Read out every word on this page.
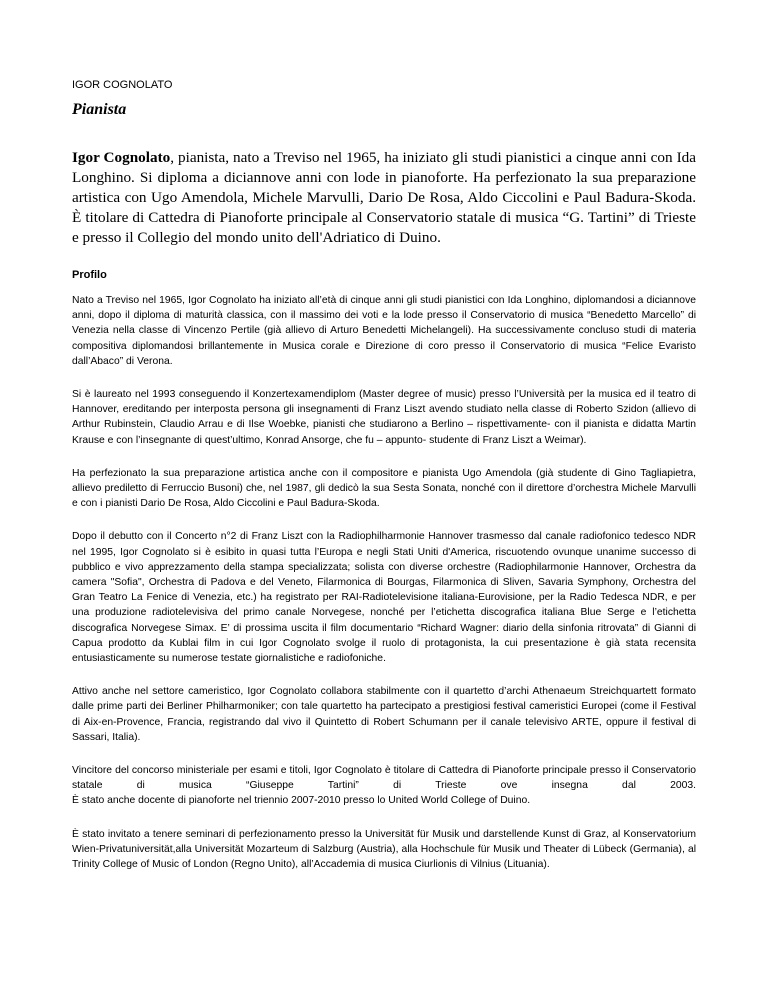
IGOR COGNOLATO

Pianista

Igor Cognolato, pianista, nato a Treviso nel 1965, ha iniziato gli studi pianistici a cinque anni con Ida Longhino. Si diploma a diciannove anni con lode in pianoforte. Ha perfezionato la sua preparazione artistica con Ugo Amendola, Michele Marvulli, Dario De Rosa, Aldo Ciccolini e Paul Badura-Skoda. È titolare di Cattedra di Pianoforte principale al Conservatorio statale di musica “G. Tartini” di Trieste e presso il Collegio del mondo unito dell'Adriatico di Duino.

Profilo

Nato a Treviso nel 1965, Igor Cognolato ha iniziato all’età di cinque anni gli studi pianistici con Ida Longhino, diplomandosi a diciannove anni, dopo il diploma di maturità classica, con il massimo dei voti e la lode presso il Conservatorio di musica “Benedetto Marcello” di Venezia nella classe di Vincenzo Pertile (già allievo di Arturo Benedetti Michelangeli). Ha successivamente concluso studi di materia compositiva diplomandosi brillantemente in Musica corale e Direzione di coro presso il Conservatorio di musica “Felice Evaristo dall’Abaco” di Verona.

Si è laureato nel 1993 conseguendo il Konzertexamendiplom (Master degree of music) presso l’Università per la musica ed il teatro di Hannover, ereditando per interposta persona gli insegnamenti di Franz Liszt avendo studiato nella classe di Roberto Szidon (allievo di Arthur Rubinstein, Claudio Arrau e di Ilse Woebke, pianisti che studiarono a Berlino – rispettivamente- con il pianista e didatta Martin Krause e con l’insegnante di quest’ultimo, Konrad Ansorge, che fu – appunto- studente di Franz Liszt a Weimar).

Ha perfezionato la sua preparazione artistica anche con il compositore e pianista Ugo Amendola (già studente di Gino Tagliapietra, allievo prediletto di Ferruccio Busoni) che, nel 1987, gli dedicò la sua Sesta Sonata, nonché con il direttore d’orchestra Michele Marvulli e con i pianisti Dario De Rosa, Aldo Ciccolini e Paul Badura-Skoda.

Dopo il debutto con il Concerto n°2 di Franz Liszt con la Radiophilharmonie Hannover trasmesso dal canale radiofonico tedesco NDR nel 1995, Igor Cognolato si è esibito in quasi tutta l’Europa e negli Stati Uniti d'America, riscuotendo ovunque unanime successo di pubblico e vivo apprezzamento della stampa specializzata; solista con diverse orchestre (Radiophilarmonie Hannover, Orchestra da camera "Sofia", Orchestra di Padova e del Veneto, Filarmonica di Bourgas, Filarmonica di Sliven, Savaria Symphony, Orchestra del Gran Teatro La Fenice di Venezia, etc.) ha registrato per RAI-Radiotelevisione italiana-Eurovisione, per la Radio Tedesca NDR, e per una produzione radiotelevisiva del primo canale Norvegese, nonché per l’etichetta discografica italiana Blue Serge e l’etichetta discografica Norvegese Simax. E’ di prossima uscita il film documentario “Richard Wagner: diario della sinfonia ritrovata” di Gianni di Capua prodotto da Kublai film in cui Igor Cognolato svolge il ruolo di protagonista, la cui presentazione è già stata recensita entusiasticamente su numerose testate giornalistiche e radiofoniche.

Attivo anche nel settore cameristico, Igor Cognolato collabora stabilmente con il quartetto d’archi Athenaeum Streichquartett formato dalle prime parti dei Berliner Philharmoniker; con tale quartetto ha partecipato a prestigiosi festival cameristici Europei (come il Festival di Aix-en-Provence, Francia, registrando dal vivo il Quintetto di Robert Schumann per il canale televisivo ARTE, oppure il festival di Sassari, Italia).

Vincitore del concorso ministeriale per esami e titoli, Igor Cognolato è titolare di Cattedra di Pianoforte principale presso il Conservatorio statale di musica “Giuseppe Tartini” di Trieste ove insegna dal 2003.
È stato anche docente di pianoforte nel triennio 2007-2010 presso lo United World College of Duino.

È stato invitato a tenere seminari di perfezionamento presso la Universität für Musik und darstellende Kunst di Graz, al Konservatorium Wien-Privatuniversität,alla Universität Mozarteum di Salzburg (Austria), alla Hochschule für Musik und Theater di Lübeck (Germania), al Trinity College of Music of London (Regno Unito), all’Accademia di musica Ciurlionis di Vilnius (Lituania).
